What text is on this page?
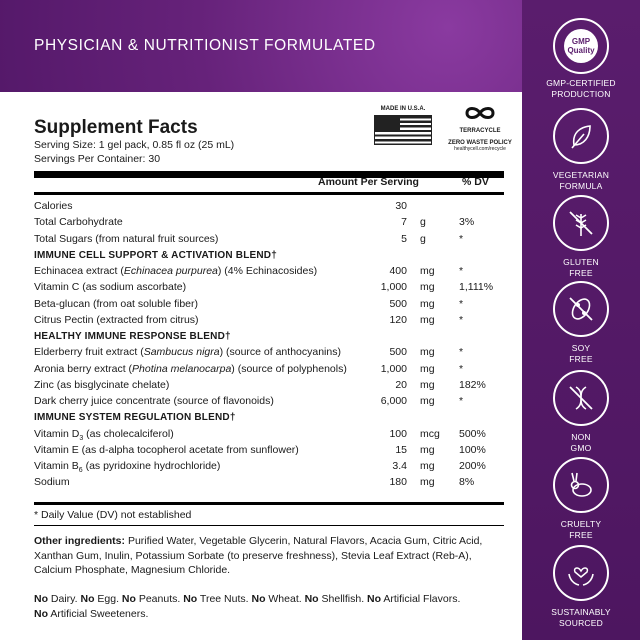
PHYSICIAN & NUTRITIONIST FORMULATED	GMP Quality
GMP-CERTIFIED PRODUCTION
VEGETARIAN FORMULA
GLUTEN FREE
SOY FREE
NON GMO
CRUELTY FREE
SUSTAINABLY SOURCED
Supplement Facts
Serving Size: 1 gel pack, 0.85 fl oz (25 mL)
Servings Per Container: 30
MADE IN U.S.A.
TERRACYCLE
ZERO WASTE POLICY
healthycell.com/recycle
Amount Per Serving	% DV
Calories	30
Total Carbohydrate	7 g	3%
Total Sugars (from natural fruit sources)	5 g	*
IMMUNE CELL SUPPORT & ACTIVATION BLEND†
Echinacea extract (Echinacea purpurea) (4% Echinacosides)	400 mg *
Vitamin C (as sodium ascorbate)	1,000 mg 1,111%
Beta-glucan (from oat soluble fiber)	500 mg *
Citrus Pectin (extracted from citrus)	120 mg *
HEALTHY IMMUNE RESPONSE BLEND†
Elderberry fruit extract (Sambucus nigra) (source of anthocyanins)	500 mg *
Aronia berry extract (Photina melanocarpa) (source of polyphenols)	1,000 mg *
Zinc (as bisglycinate chelate)	20 mg 182%
Dark cherry juice concentrate (source of flavonoids)	6,000 mg *
IMMUNE SYSTEM REGULATION BLEND†
Vitamin $D_3$ (as cholecalciferol)	100 mcg 500%
Vitamin E (as d-alpha tocopherol acetate from sunflower)	15 mg 100%
Vitamin $B_6$ (as pyridoxine hydrochloride)	3.4 mg 200%
Sodium	180 mg 8%
* Daily Value (DV) not established
Other ingredients: Purified Water, Vegetable Glycerin, Natural Flavors, Acacia Gum, Citric Acid, Xanthan Gum, Inulin, Potassium Sorbate (to preserve freshness), Stevia Leaf Extract (Reb-A), Calcium Phosphate, Magnesium Chloride.
No Dairy. No Egg. No Peanuts. No Tree Nuts. No Wheat. No Shellfish. No Artificial Flavors.
No Artificial Sweeteners.
